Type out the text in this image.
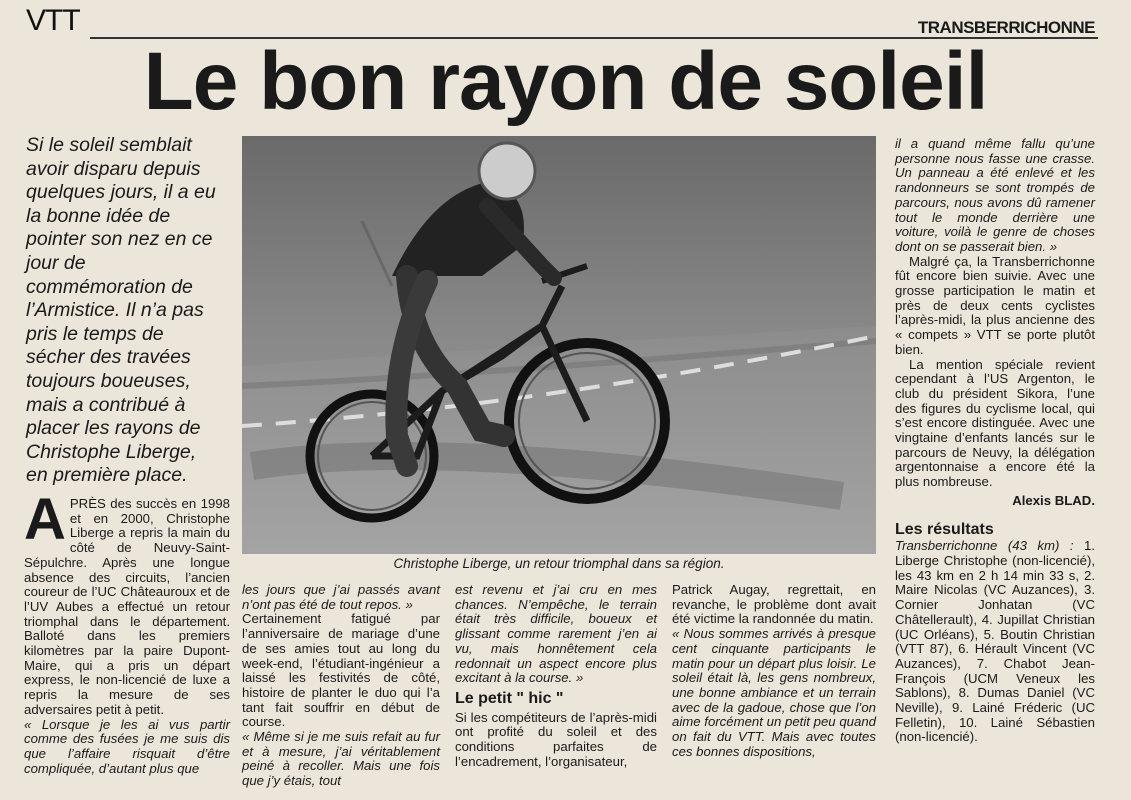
VTT	TRANSBERRICHONNE
Le bon rayon de soleil
Si le soleil semblait avoir disparu depuis quelques jours, il a eu la bonne idée de pointer son nez en ce jour de commémoration de l’Armistice. Il n’a pas pris le temps de sécher des travées toujours boueuses, mais a contribué à placer les rayons de Christophe Liberge, en première place.
Christophe Liberge, un retour triomphal dans sa région.
A PRÈS des succès en 1998 et en 2000, Christophe Liberge a repris la main du côté de Neuvy-Saint-Sépulchre. Après une longue absence des circuits, l’ancien coureur de l’UC Châteauroux et de l’UV Aubes a effectué un retour triomphal dans le département. Balloté dans les premiers kilomètres par la paire Dupont-Maire, qui a pris un départ express, le non-licencié de luxe a repris la mesure de ses adversaires petit à petit.

« Lorsque je les ai vus partir comme des fusées je me suis dis que l’affaire risquait d’être compliquée, d’autant plus que

les jours que j’ai passés avant n’ont pas été de tout repos. »

Certainement fatigué par l’anniversaire de mariage d’une de ses amies tout au long du week-end, l’étudiant-ingénieur a laissé les festivités de côté, histoire de planter le duo qui l’a tant fait souffrir en début de course.

« Même si je me suis refait au fur et à mesure, j’ai véritablement peiné à recoller. Mais une fois que j’y étais, tout

est revenu et j’ai cru en mes chances. N’empêche, le terrain était très difficile, boueux et glissant comme rarement j’en ai vu, mais honnêtement cela redonnait un aspect encore plus excitant à la course. »

Le petit " hic "

Si les compétiteurs de l’après-midi ont profité du soleil et des conditions parfaites de l’encadrement, l’organisateur,

Patrick Augay, regrettait, en revanche, le problème dont avait été victime la randonnée du matin.

« Nous sommes arrivés à presque cent cinquante participants le matin pour un départ plus loisir. Le soleil était là, les gens nombreux, une bonne ambiance et un terrain avec de la gadoue, chose que l’on aime forcément un petit peu quand on fait du VTT. Mais avec toutes ces bonnes dispositions,

il a quand même fallu qu’une personne nous fasse une crasse. Un panneau a été enlevé et les randonneurs se sont trompés de parcours, nous avons dû ramener tout le monde derrière une voiture, voilà le genre de choses dont on se passerait bien. »

Malgré ça, la Transberrichonne fût encore bien suivie. Avec une grosse participation le matin et près de deux cents cyclistes l’après-midi, la plus ancienne des « compets » VTT se porte plutôt bien.

La mention spéciale revient cependant à l’US Argenton, le club du président Sikora, l’une des figures du cyclisme local, qui s’est encore distinguée. Avec une vingtaine d’enfants lancés sur le parcours de Neuvy, la délégation argentonnaise a encore été la plus nombreuse.

Alexis BLAD.
Les résultats

Transberrichonne (43 km) : 1. Liberge Christophe (non-licencié), les 43 km en 2 h 14 min 33 s, 2. Maire Nicolas (VC Auzances), 3. Cornier Jonhatan (VC Châtellerault), 4. Jupillat Christian (UC Orléans), 5. Boutin Christian (VTT 87), 6. Hérault Vincent (VC Auzances), 7. Chabot Jean-François (UCM Veneux les Sablons), 8. Dumas Daniel (VC Neville), 9. Lainé Fréderic (UC Felletin), 10. Lainé Sébastien (non-licencié).
